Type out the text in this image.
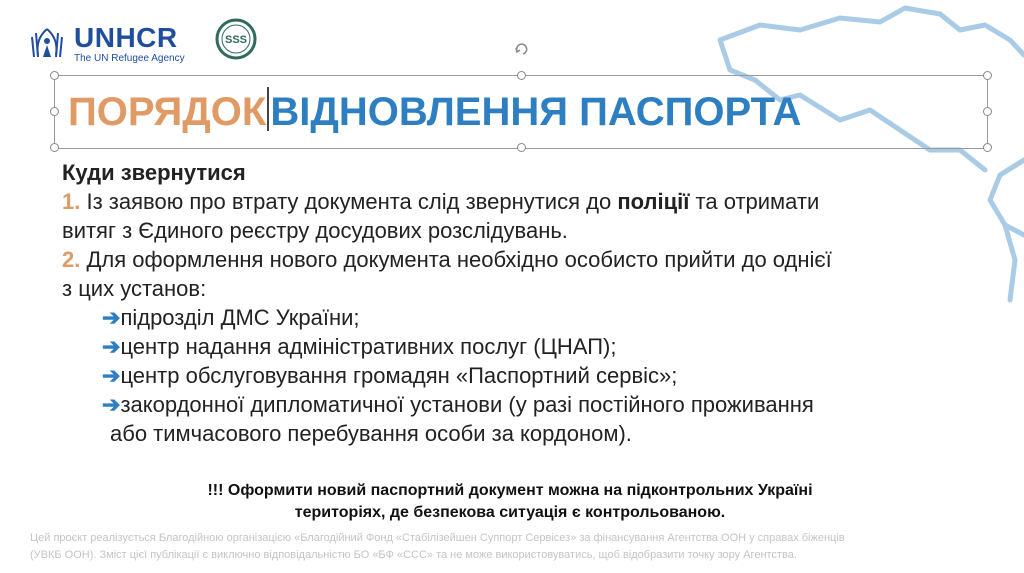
UNHCR
The UN Refugee Agency
SSS
ПОРЯДОК ВІДНОВЛЕННЯ ПАСПОРТА
Куди звернутися
1. Із заявою про втрату документа слід звернутися до поліції та отримати
витяг з Єдиного реєстру досудових розслідувань.
2. Для оформлення нового документа необхідно особисто прийти до однієї
з цих установ:
➔підрозділ ДМС України;
➔центр надання адміністративних послуг (ЦНАП);
➔центр обслуговування громадян «Паспортний сервіс»;
➔закордонної дипломатичної установи (у разі постійного проживання
або тимчасового перебування особи за кордоном).
!!! Оформити новий паспортний документ можна на підконтрольних Україні
територіях, де безпекова ситуація є контрольованою.
Цей проєкт реалізується Благодійною організацією «Благодійний Фонд «Стабілізейшен Суппорт Сервісез» за фінансування Агентства ООН у справах біженців
(УВКБ ООН). Зміст цієї публікації є виключно відповідальністю БО «БФ «ССС» та не може використовуватись, щоб відобразити точку зору Агентства.
